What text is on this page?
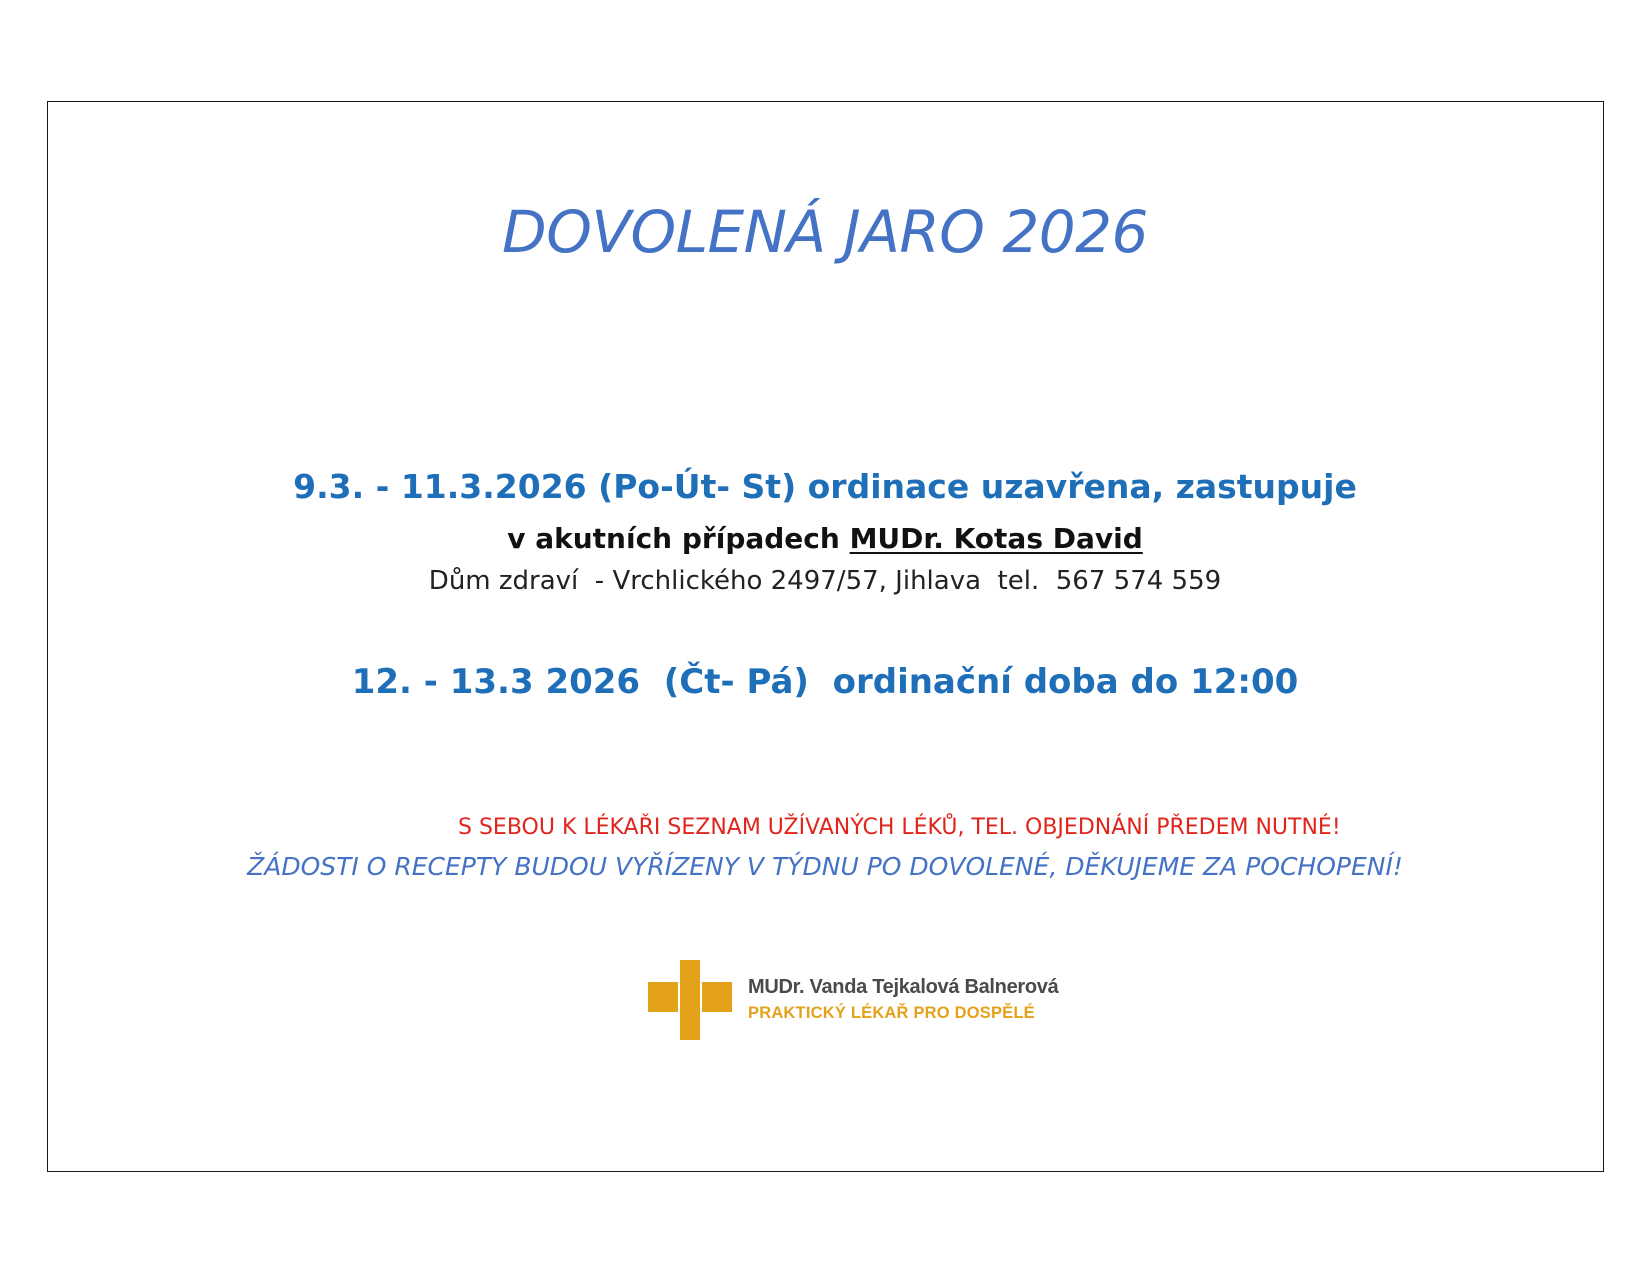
DOVOLENÁ JARO 2026
9.3. - 11.3.2026 (Po-Út- St) ordinace uzavřena, zastupuje
v akutních případech MUDr. Kotas David
Dům zdraví  - Vrchlického 2497/57, Jihlava  tel.  567 574 559
12. - 13.3 2026  (Čt- Pá)  ordinační doba do 12:00
S SEBOU K LÉKAŘI SEZNAM UŽÍVANÝCH LÉKŮ, TEL. OBJEDNÁNÍ PŘEDEM NUTNÉ!
ŽÁDOSTI O RECEPTY BUDOU VYŘÍZENY V TÝDNU PO DOVOLENÉ, DĚKUJEME ZA POCHOPENÍ!
MUDr. Vanda Tejkalová Balnerová
PRAKTICKÝ LÉKAŘ PRO DOSPĚLÉ
